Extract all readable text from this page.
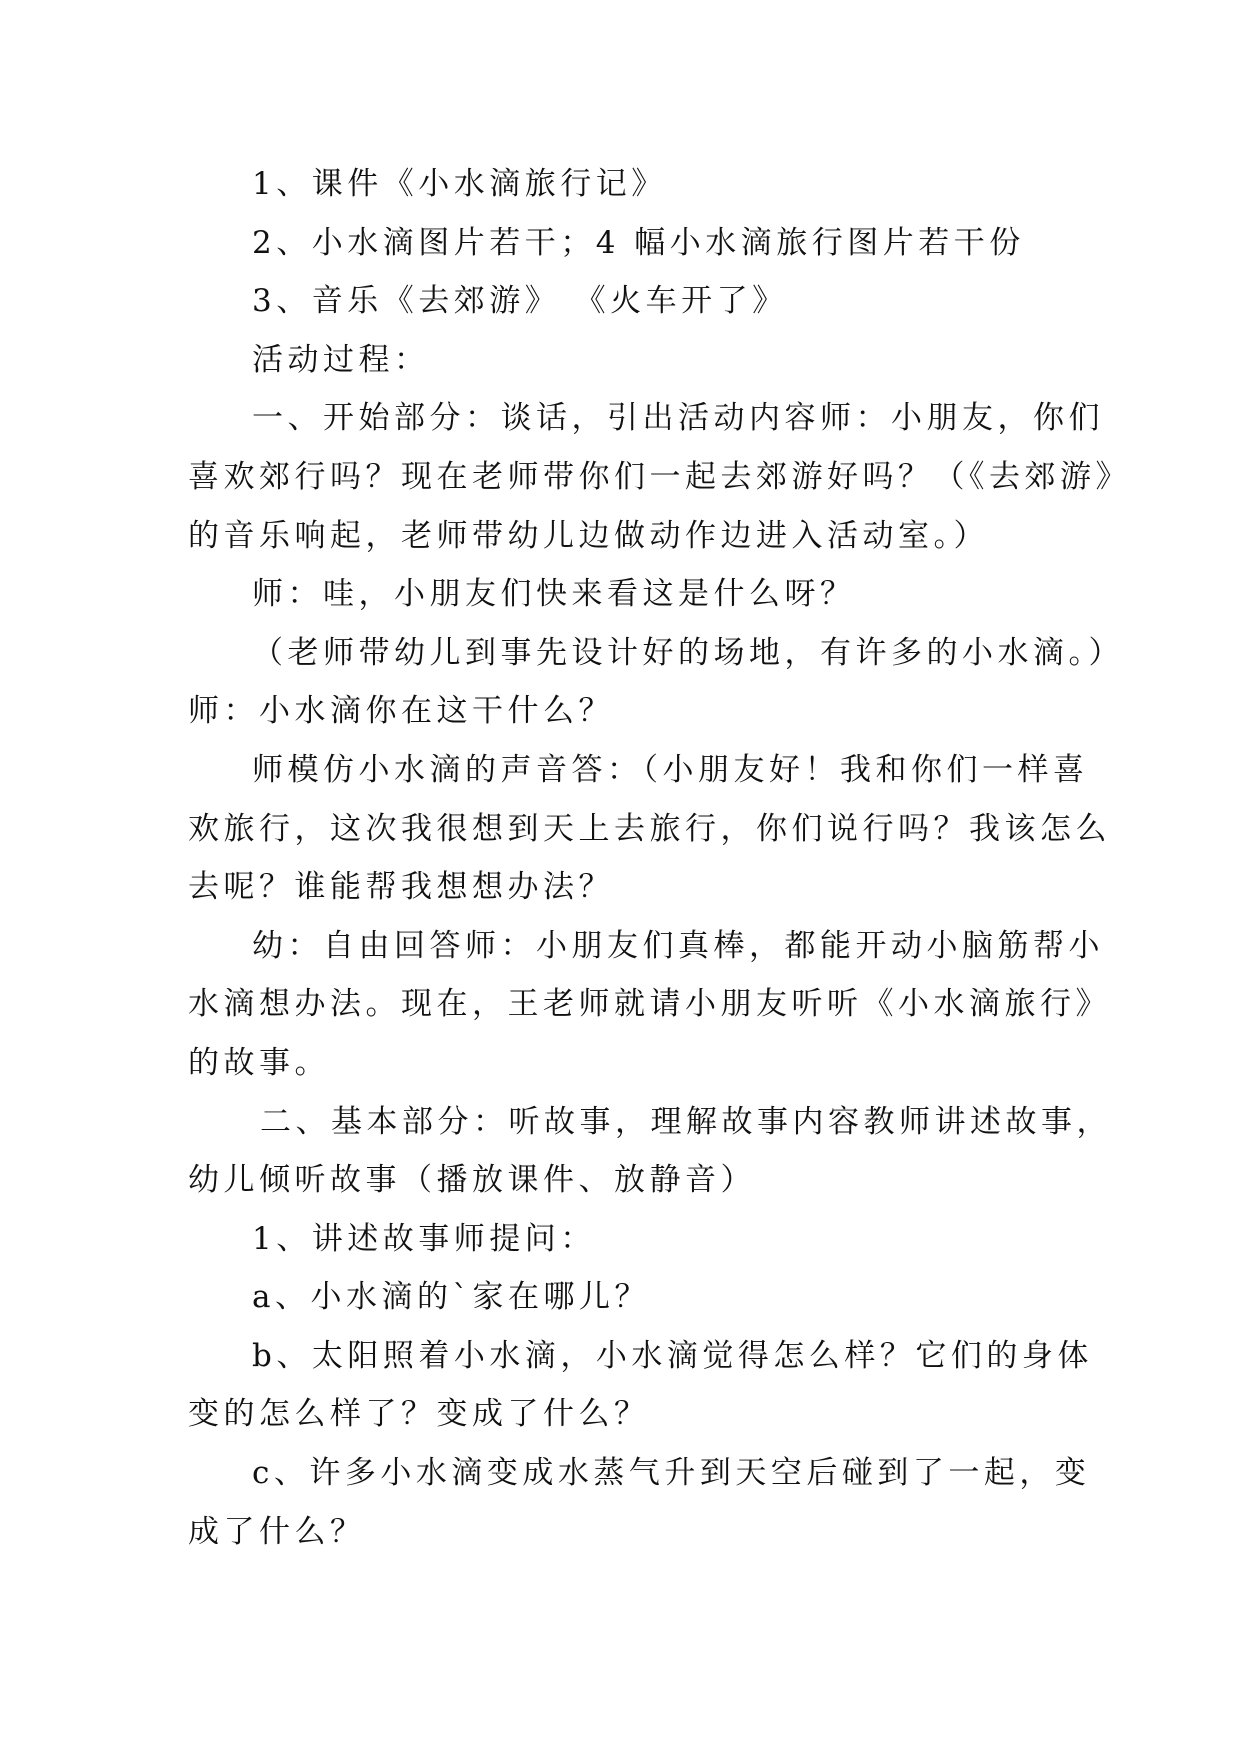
1、课件《小水滴旅行记》
2、小水滴图片若干；4 幅小水滴旅行图片若干份
3、音乐《去郊游》 《火车开了》
活动过程：
一、开始部分：谈话，引出活动内容师：小朋友，你们
喜欢郊行吗？现在老师带你们一起去郊游好吗？（《去郊游》
的音乐响起，老师带幼儿边做动作边进入活动室。）
师：哇，小朋友们快来看这是什么呀？
（老师带幼儿到事先设计好的场地，有许多的小水滴。）
师：小水滴你在这干什么？
师模仿小水滴的声音答：（小朋友好！我和你们一样喜
欢旅行，这次我很想到天上去旅行，你们说行吗？我该怎么
去呢？谁能帮我想想办法？
幼：自由回答师：小朋友们真棒，都能开动小脑筋帮小
水滴想办法。现在，王老师就请小朋友听听《小水滴旅行》
的故事。
二、基本部分：听故事，理解故事内容教师讲述故事，
幼儿倾听故事（播放课件、放静音）
1、讲述故事师提问：
a、小水滴的`家在哪儿？
b、太阳照着小水滴，小水滴觉得怎么样？它们的身体
变的怎么样了？变成了什么？
c、许多小水滴变成水蒸气升到天空后碰到了一起，变
成了什么？
